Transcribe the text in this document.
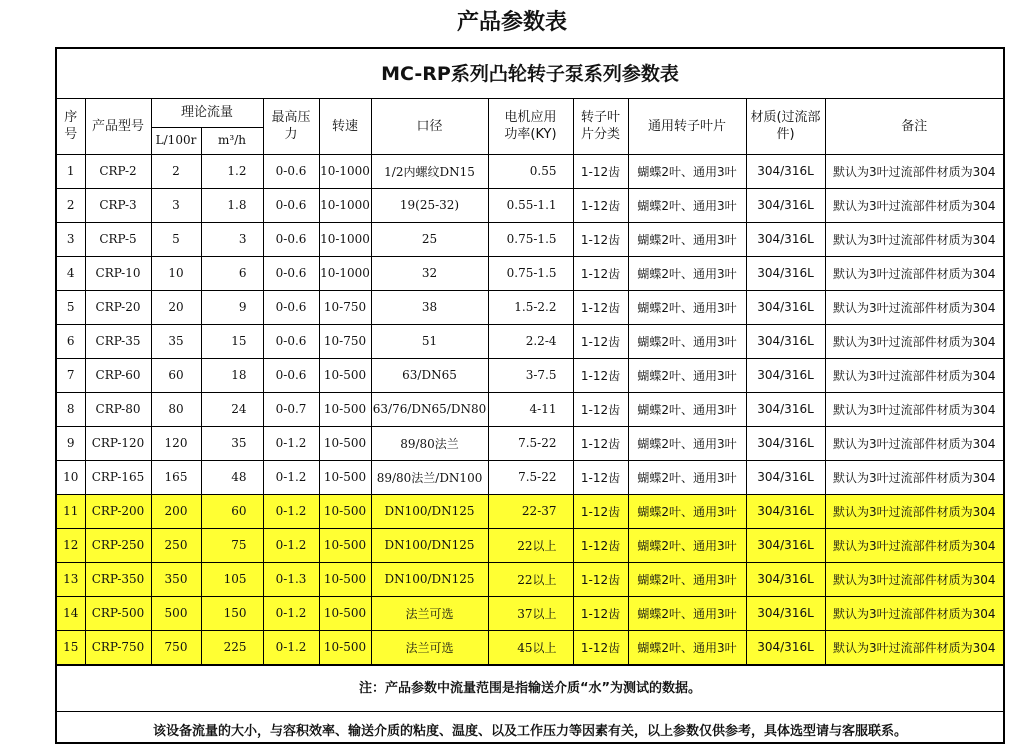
产品参数表
MC-RP系列凸轮转子泵系列参数表
序号	产品型号	理论流量		最高压力	转速	口径	电机应用功率(KY)	转子叶片分类	通用转子叶片	材质(过流部件)	备注
		L/100r	m³/h								
1	CRP-2	2	1.2	0-0.6	10-1000	1/2内螺纹DN15	0.55	1-12齿	蝴蝶2叶、通用3叶	304/316L	默认为3叶过流部件材质为304
2	CRP-3	3	1.8	0-0.6	10-1000	19(25-32)	0.55-1.1	1-12齿	蝴蝶2叶、通用3叶	304/316L	默认为3叶过流部件材质为304
3	CRP-5	5	3	0-0.6	10-1000	25	0.75-1.5	1-12齿	蝴蝶2叶、通用3叶	304/316L	默认为3叶过流部件材质为304
4	CRP-10	10	6	0-0.6	10-1000	32	0.75-1.5	1-12齿	蝴蝶2叶、通用3叶	304/316L	默认为3叶过流部件材质为304
5	CRP-20	20	9	0-0.6	10-750	38	1.5-2.2	1-12齿	蝴蝶2叶、通用3叶	304/316L	默认为3叶过流部件材质为304
6	CRP-35	35	15	0-0.6	10-750	51	2.2-4	1-12齿	蝴蝶2叶、通用3叶	304/316L	默认为3叶过流部件材质为304
7	CRP-60	60	18	0-0.6	10-500	63/DN65	3-7.5	1-12齿	蝴蝶2叶、通用3叶	304/316L	默认为3叶过流部件材质为304
8	CRP-80	80	24	0-0.7	10-500	63/76/DN65/DN80	4-11	1-12齿	蝴蝶2叶、通用3叶	304/316L	默认为3叶过流部件材质为304
9	CRP-120	120	35	0-1.2	10-500	89/80法兰	7.5-22	1-12齿	蝴蝶2叶、通用3叶	304/316L	默认为3叶过流部件材质为304
10	CRP-165	165	48	0-1.2	10-500	89/80法兰/DN100	7.5-22	1-12齿	蝴蝶2叶、通用3叶	304/316L	默认为3叶过流部件材质为304
11	CRP-200	200	60	0-1.2	10-500	DN100/DN125	22-37	1-12齿	蝴蝶2叶、通用3叶	304/316L	默认为3叶过流部件材质为304
12	CRP-250	250	75	0-1.2	10-500	DN100/DN125	22以上	1-12齿	蝴蝶2叶、通用3叶	304/316L	默认为3叶过流部件材质为304
13	CRP-350	350	105	0-1.3	10-500	DN100/DN125	22以上	1-12齿	蝴蝶2叶、通用3叶	304/316L	默认为3叶过流部件材质为304
14	CRP-500	500	150	0-1.2	10-500	法兰可选	37以上	1-12齿	蝴蝶2叶、通用3叶	304/316L	默认为3叶过流部件材质为304
15	CRP-750	750	225	0-1.2	10-500	法兰可选	45以上	1-12齿	蝴蝶2叶、通用3叶	304/316L	默认为3叶过流部件材质为304
注：产品参数中流量范围是指输送介质“水”为测试的数据。
该设备流量的大小，与容积效率、输送介质的粘度、温度、以及工作压力等因素有关，以上参数仅供参考，具体选型请与客服联系。
